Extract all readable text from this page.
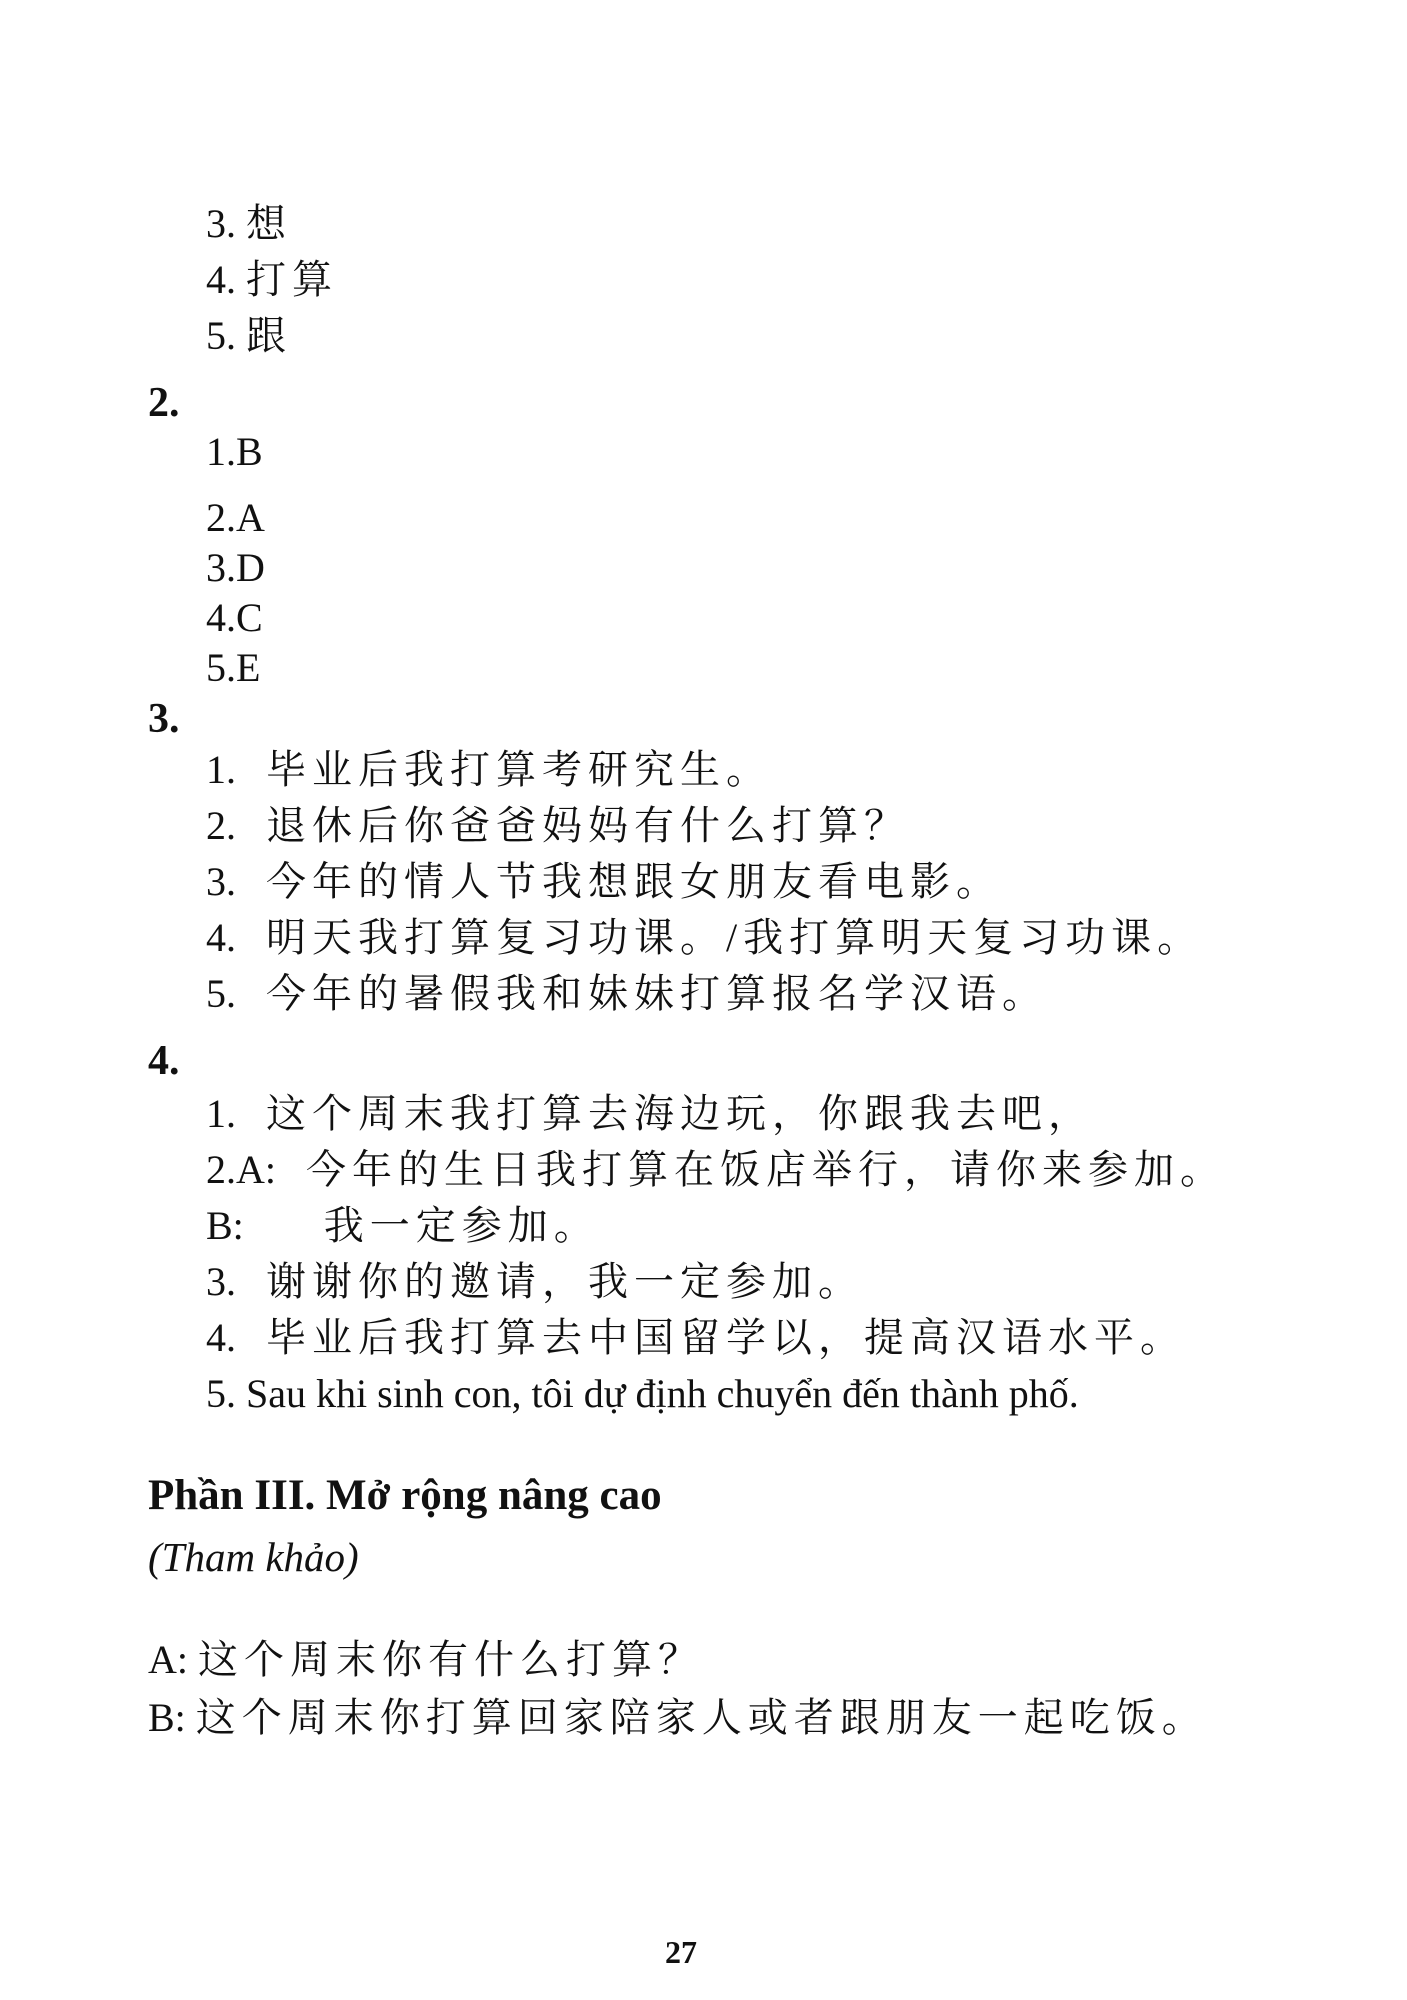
3. 想
4. 打算
5. 跟
2.
1.B
2.A
3.D
4.C
5.E
3.
1. 毕业后我打算考研究生。
2. 退休后你爸爸妈妈有什么打算？
3. 今年的情人节我想跟女朋友看电影。
4. 明天我打算复习功课。/我打算明天复习功课。
5. 今年的暑假我和妹妹打算报名学汉语。
4.
1. 这个周末我打算去海边玩，你跟我去吧，
2.A: 今年的生日我打算在饭店举行，请你来参加。
B: 我一定参加。
3. 谢谢你的邀请，我一定参加。
4. 毕业后我打算去中国留学以，提高汉语水平。
5. Sau khi sinh con, tôi dự định chuyển đến thành phố.
Phần III. Mở rộng nâng cao
(Tham khảo)
A: 这个周末你有什么打算？
B: 这个周末你打算回家陪家人或者跟朋友一起吃饭。
27
